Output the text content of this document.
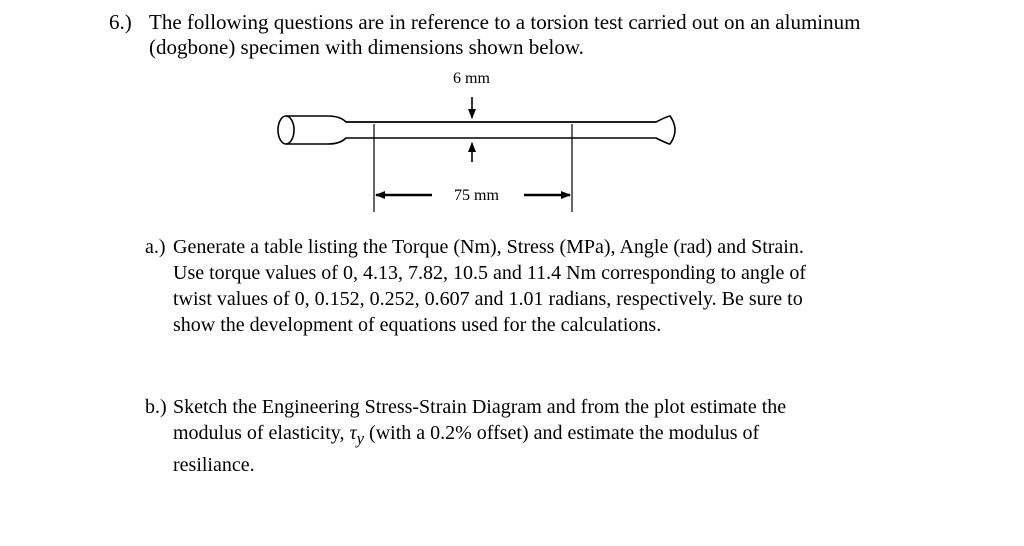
6.) The following questions are in reference to a torsion test carried out on an aluminum
(dogbone) specimen with dimensions shown below.
6 mm
75 mm
a.) Generate a table listing the Torque (Nm), Stress (MPa), Angle (rad) and Strain.
Use torque values of 0, 4.13, 7.82, 10.5 and 11.4 Nm corresponding to angle of
twist values of 0, 0.152, 0.252, 0.607 and 1.01 radians, respectively. Be sure to
show the development of equations used for the calculations.
b.) Sketch the Engineering Stress-Strain Diagram and from the plot estimate the
modulus of elasticity, $\tau_y$ (with a 0.2% offset) and estimate the modulus of
resiliance.
